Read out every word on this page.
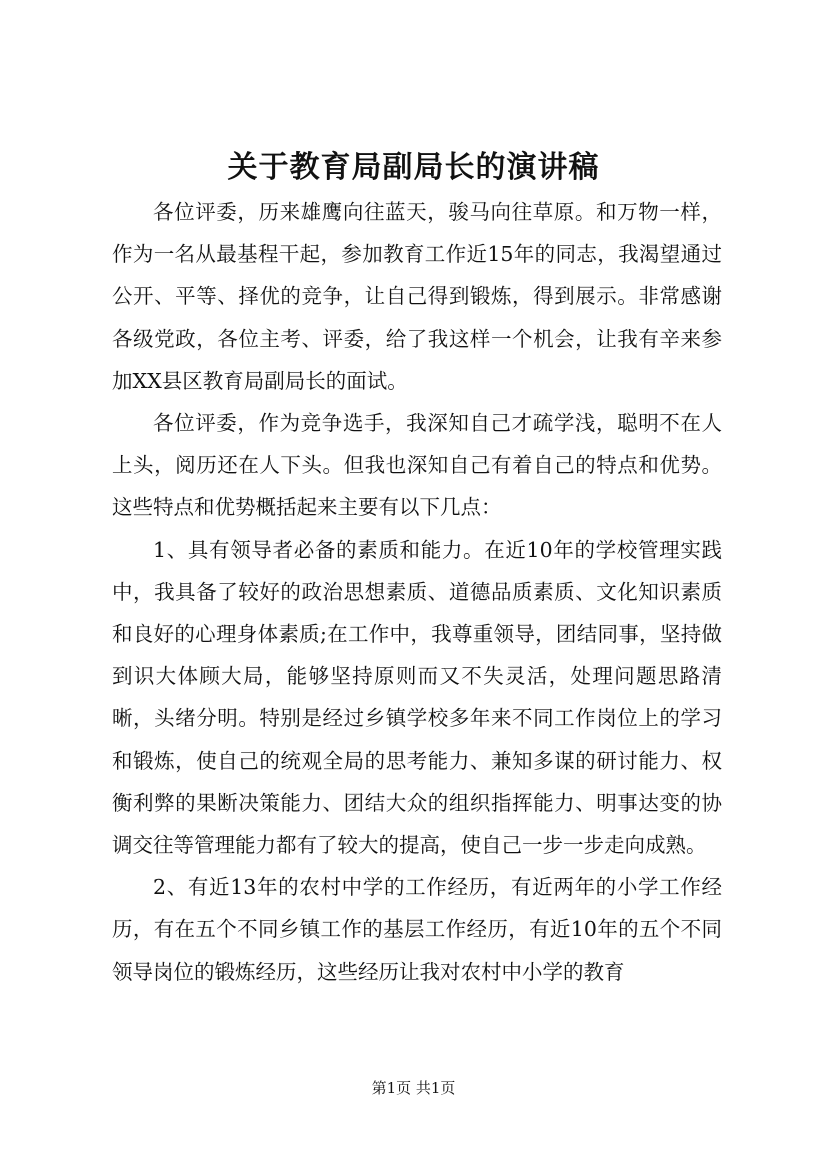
关于教育局副局长的演讲稿

各位评委，历来雄鹰向往蓝天，骏马向往草原。和万物一样，作为一名从最基程干起，参加教育工作近15年的同志，我渴望通过公开、平等、择优的竞争，让自己得到锻炼，得到展示。非常感谢各级党政，各位主考、评委，给了我这样一个机会，让我有辛来参加XX县区教育局副局长的面试。

各位评委，作为竞争选手，我深知自己才疏学浅，聪明不在人上头，阅历还在人下头。但我也深知自己有着自己的特点和优势。这些特点和优势概括起来主要有以下几点：

1、具有领导者必备的素质和能力。在近10年的学校管理实践中，我具备了较好的政治思想素质、道德品质素质、文化知识素质和良好的心理身体素质;在工作中，我尊重领导，团结同事，坚持做到识大体顾大局，能够坚持原则而又不失灵活，处理问题思路清晰，头绪分明。特别是经过乡镇学校多年来不同工作岗位上的学习和锻炼，使自己的统观全局的思考能力、兼知多谋的研讨能力、权衡利弊的果断决策能力、团结大众的组织指挥能力、明事达变的协调交往等管理能力都有了较大的提高，使自己一步一步走向成熟。

2、有近13年的农村中学的工作经历，有近两年的小学工作经历，有在五个不同乡镇工作的基层工作经历，有近10年的五个不同领导岗位的锻炼经历，这些经历让我对农村中小学的教育

第1页 共1页
